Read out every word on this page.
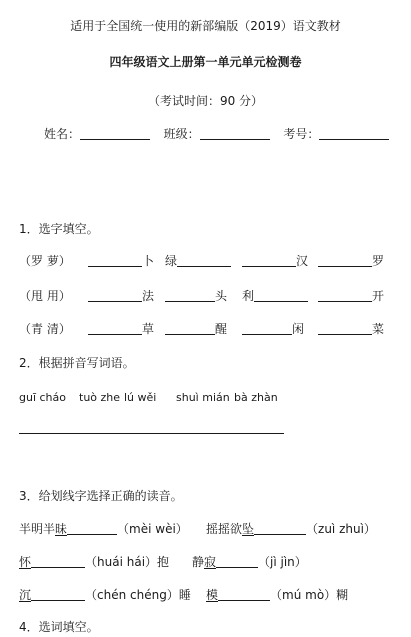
适用于全国统一使用的新部编版（2019）语文教材
四年级语文上册第一单元单元检测卷
（考试时间：90 分）
姓名：	班级：	考号：
1．选字填空。
（罗 萝）	卜 绿	汉	罗
（甩 用）	法	头 利	开
（青 清）	草	醒	闲	菜
2．根据拼音写词语。
guī cháo tuò zhe lú wěi shuì mián bà zhàn
3．给划线字选择正确的读音。
半明半昧	（mèi wèi） 摇摇欲坠	（zuì zhuì）
怀	（huái hái）抱 静寂	（jì jìn）
沉	（chén chéng）睡 模	（mú mò）糊
4．选词填空。
